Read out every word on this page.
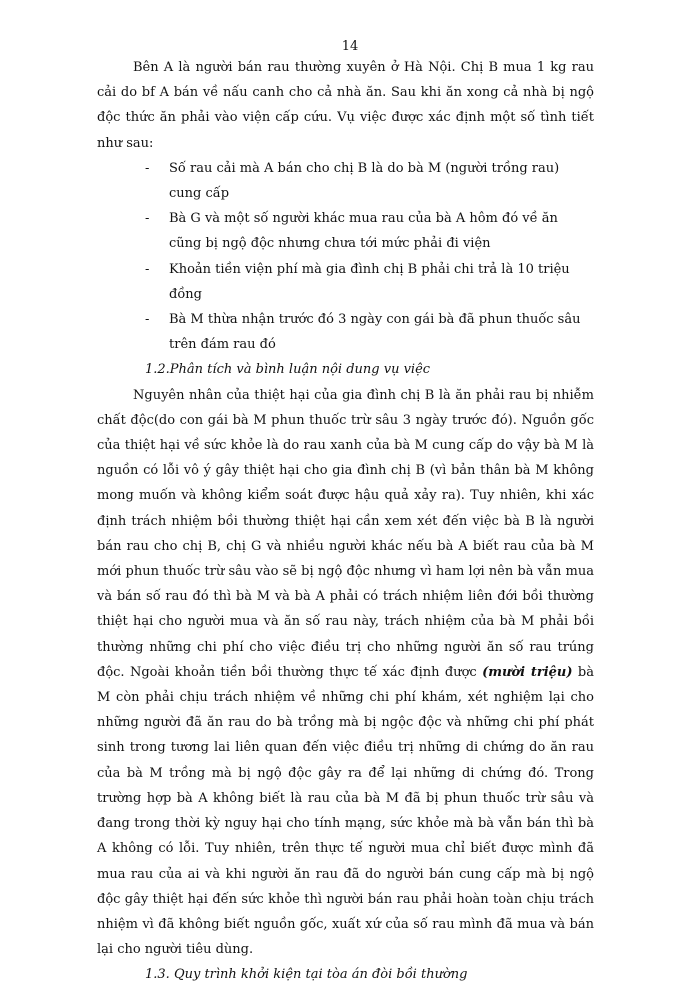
14

Bên A là người bán rau thường xuyên ở Hà Nội. Chị B mua 1 kg rau cải do bf A bán về nấu canh cho cả nhà ăn. Sau khi ăn xong cả nhà bị ngộ độc thức ăn phải vào viện cấp cứu. Vụ việc được xác định một số tình tiết như sau:

-	Số rau cải mà A bán cho chị B là do bà M (người trồng rau) cung cấp
-	Bà G và một số người khác mua rau của bà A hôm đó về ăn cũng bị ngộ độc nhưng chưa tới mức phải đi viện
-	Khoản tiền viện phí mà gia đình chị B phải chi trả là 10 triệu đồng
-	Bà M thừa nhận trước đó 3 ngày con gái bà đã phun thuốc sâu trên đám rau đó

1.2.Phân tích và bình luận nội dung vụ việc

Nguyên nhân của thiệt hại của gia đình chị B là ăn phải rau bị nhiễm chất độc(do con gái bà M phun thuốc trừ sâu 3 ngày trước đó). Nguồn gốc của thiệt hại về sức khỏe là do rau xanh của bà M cung cấp do vậy bà M là nguồn có lỗi vô ý gây thiệt hại cho gia đình chị B (vì bản thân bà M không mong muốn và không kiểm soát được hậu quả xảy ra). Tuy nhiên, khi xác định trách nhiệm bồi thường thiệt hại cần xem xét đến việc bà B là người bán rau cho chị B, chị G và nhiều người khác nếu bà A biết rau của bà M mới phun thuốc trừ sâu vào sẽ bị ngộ độc nhưng vì ham lợi nên bà vẫn mua và bán số rau đó thì bà M và bà A phải có trách nhiệm liên đới bồi thường thiệt hại cho người mua và ăn số rau này, trách nhiệm của bà M phải bồi thường những chi phí cho việc điều trị cho những người ăn số rau trúng độc. Ngoài khoản tiền bồi thường thực tế xác định được (mười triệu) bà M còn phải chịu trách nhiệm về những chi phí khám, xét nghiệm lại cho những người đã ăn rau do bà trồng mà bị ngộc độc và những chi phí phát sinh trong tương lai liên quan đến việc điều trị những di chứng do ăn rau của bà M trồng mà bị ngộ độc gây ra để lại những di chứng đó. Trong trường hợp bà A không biết là rau của bà M đã bị phun thuốc trừ sâu và đang trong thời kỳ nguy hại cho tính mạng, sức khỏe mà bà vẫn bán thì bà A không có lỗi. Tuy nhiên, trên thực tế người mua chỉ biết được mình đã mua rau của ai và khi người ăn rau đã do người bán cung cấp mà bị ngộ độc gây thiệt hại đến sức khỏe thì người bán rau phải hoàn toàn chịu trách nhiệm vì đã không biết nguồn gốc, xuất xứ của số rau mình đã mua và bán lại cho người tiêu dùng.

1.3. Quy trình khởi kiện tại tòa án đòi bồi thường
